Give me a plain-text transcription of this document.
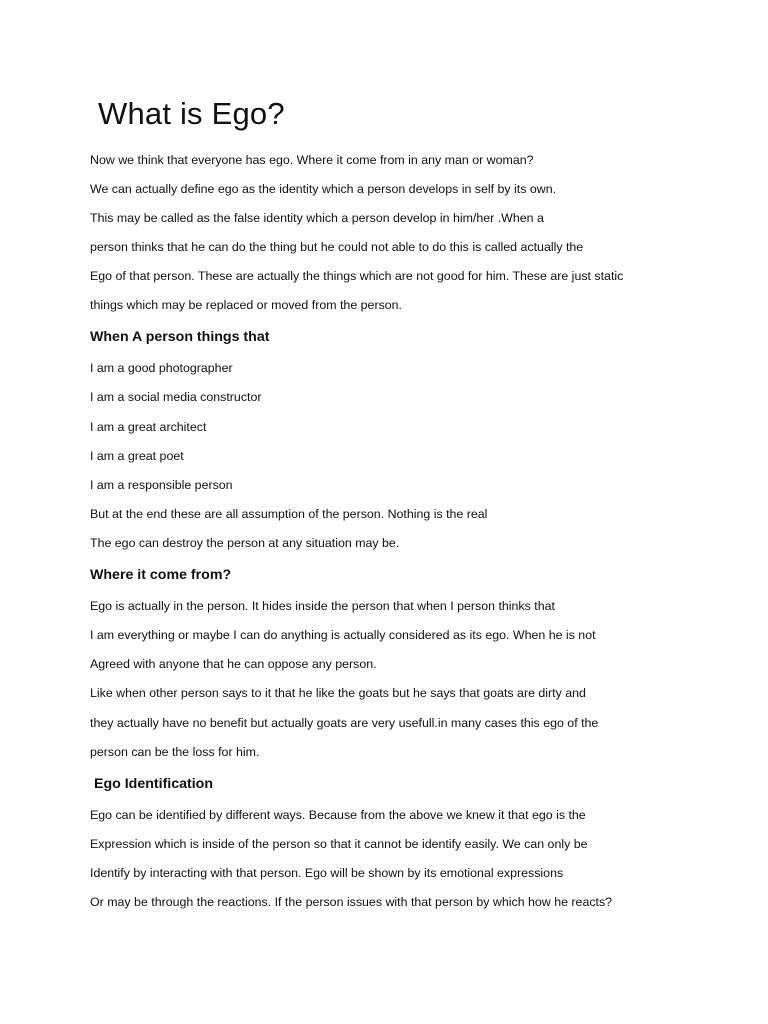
What is Ego?

Now we think that everyone has ego. Where it come from in any man or woman?

We can actually define ego as the identity which a person develops in self by its own.

This may be called as the false identity which a person develop in him/her .When a

person thinks that he can do the thing but he could not able to do this is called actually the

Ego of that person. These are actually the things which are not good for him. These are just static

things which may be replaced or moved from the person.

When A person things that

I am a good photographer

I am a social media constructor

I am a great architect

I am a great poet

I am a responsible person

But at the end these are all assumption of the person. Nothing is the real

The ego can destroy the person at any situation may be.

Where it come from?

Ego is actually in the person. It hides inside the person that when I person thinks that

I am everything or maybe I can do anything is actually considered as its ego. When he is not

Agreed with anyone that he can oppose any person.

Like when other person says to it that he like the goats but he says that goats are dirty and

they actually have no benefit but actually goats are very usefull.in many cases this ego of the

person can be the loss for him.

Ego Identification

Ego can be identified by different ways. Because from the above we knew it that ego is the

Expression which is inside of the person so that it cannot be identify easily. We can only be

Identify by interacting with that person. Ego will be shown by its emotional expressions

Or may be through the reactions. If the person issues with that person by which how he reacts?
